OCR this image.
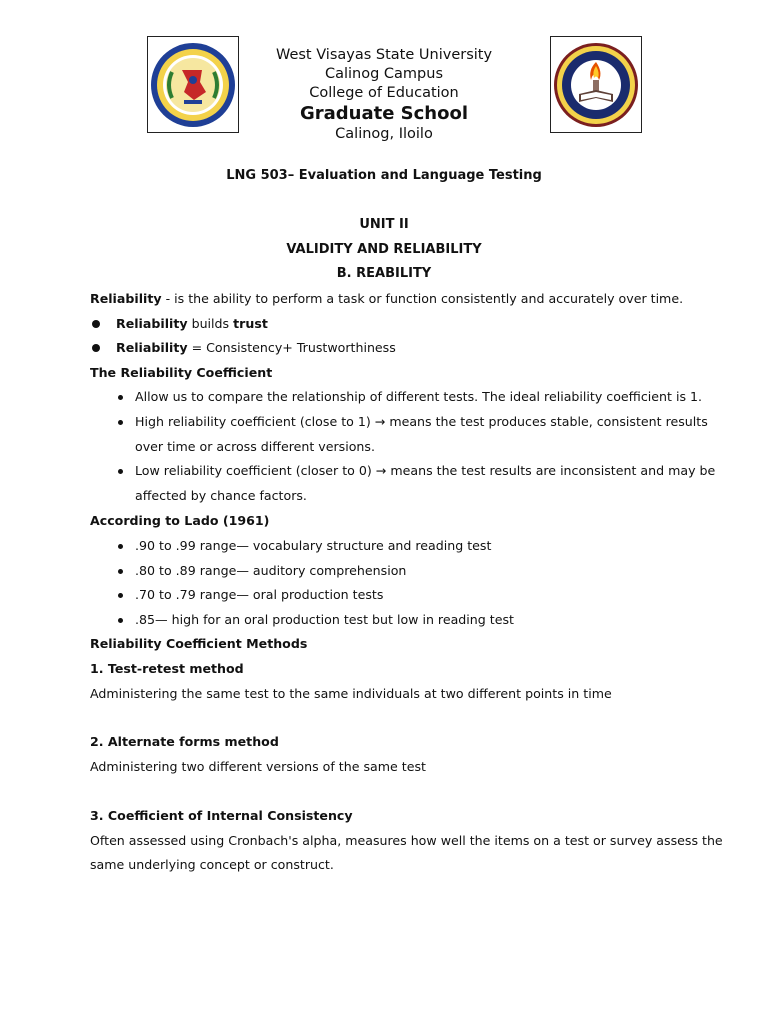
West Visayas State University
Calinog Campus
College of Education
Graduate School
Calinog, Iloilo
LNG 503– Evaluation and Language Testing
UNIT II
VALIDITY AND RELIABILITY
B. REABILITY
Reliability - is the ability to perform a task or function consistently and accurately over time.
Reliability builds trust
Reliability = Consistency+ Trustworthiness
The Reliability Coefficient
Allow us to compare the relationship of different tests. The ideal reliability coefficient is 1.
High reliability coefficient (close to 1) → means the test produces stable, consistent results
over time or across different versions.
Low reliability coefficient (closer to 0) → means the test results are inconsistent and may be
affected by chance factors.
According to Lado (1961)
.90 to .99 range— vocabulary structure and reading test
.80 to .89 range— auditory comprehension
.70 to .79 range— oral production tests
.85— high for an oral production test but low in reading test
Reliability Coefficient Methods
1. Test-retest method
Administering the same test to the same individuals at two different points in time
2. Alternate forms method
Administering two different versions of the same test
3. Coefficient of Internal Consistency
Often assessed using Cronbach's alpha, measures how well the items on a test or survey assess the
same underlying concept or construct.
